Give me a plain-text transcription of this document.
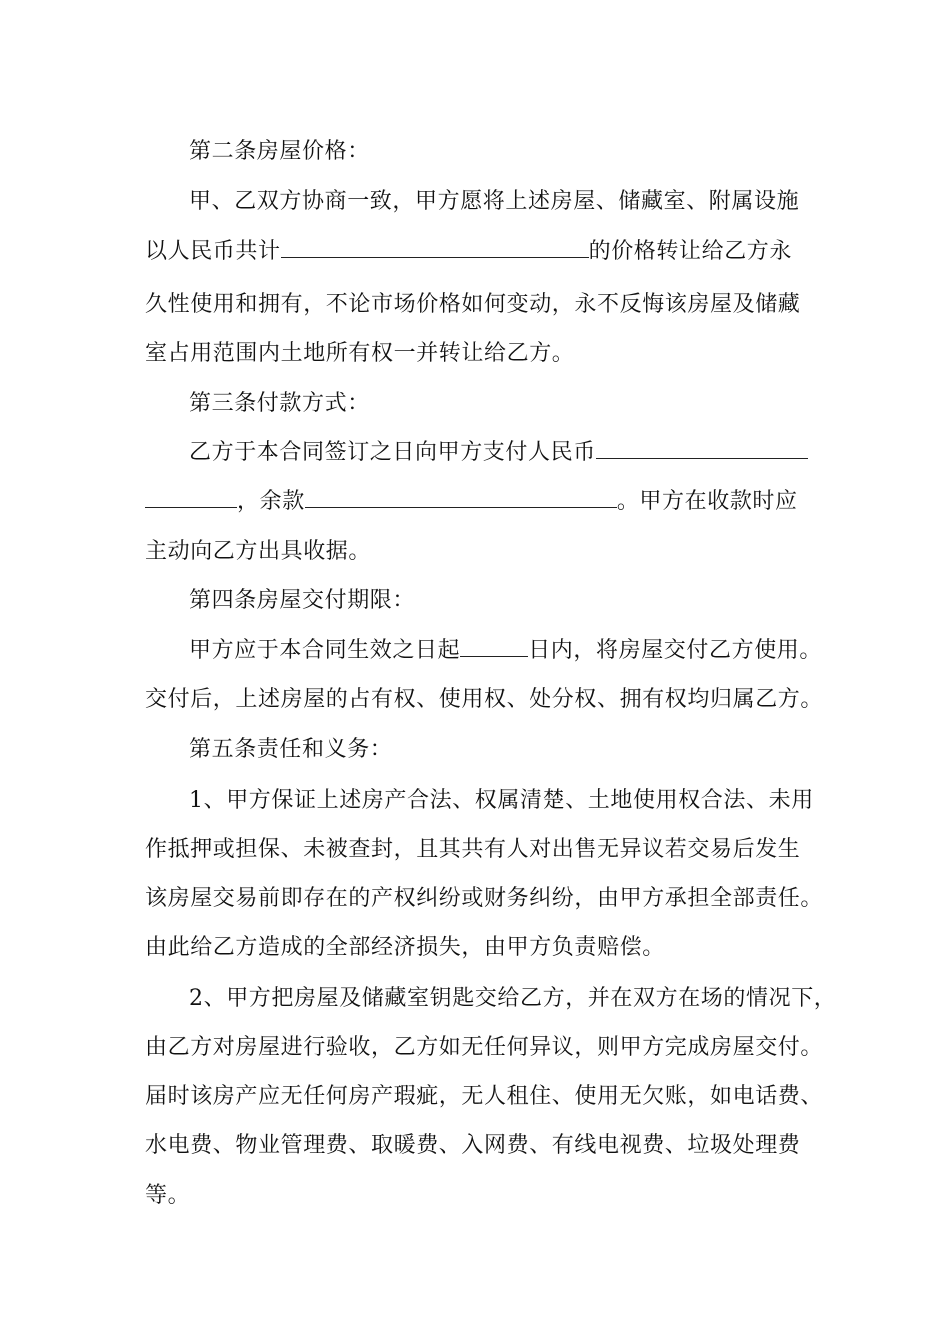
第二条房屋价格：
甲、乙双方协商一致，甲方愿将上述房屋、储藏室、附属设施
以人民币共计	的价格转让给乙方永
久性使用和拥有，不论市场价格如何变动，永不反悔该房屋及储藏
室占用范围内土地所有权一并转让给乙方。
第三条付款方式：
乙方于本合同签订之日向甲方支付人民币
，余款	。甲方在收款时应
主动向乙方出具收据。
第四条房屋交付期限：
甲方应于本合同生效之日起	日内，将房屋交付乙方使用。
交付后，上述房屋的占有权、使用权、处分权、拥有权均归属乙方。
第五条责任和义务：
1、甲方保证上述房产合法、权属清楚、土地使用权合法、未用
作抵押或担保、未被查封，且其共有人对出售无异议若交易后发生
该房屋交易前即存在的产权纠纷或财务纠纷，由甲方承担全部责任。
由此给乙方造成的全部经济损失，由甲方负责赔偿。
2、甲方把房屋及储藏室钥匙交给乙方，并在双方在场的情况下，
由乙方对房屋进行验收，乙方如无任何异议，则甲方完成房屋交付。
届时该房产应无任何房产瑕疵，无人租住、使用无欠账，如电话费、
水电费、物业管理费、取暖费、入网费、有线电视费、垃圾处理费
等。
